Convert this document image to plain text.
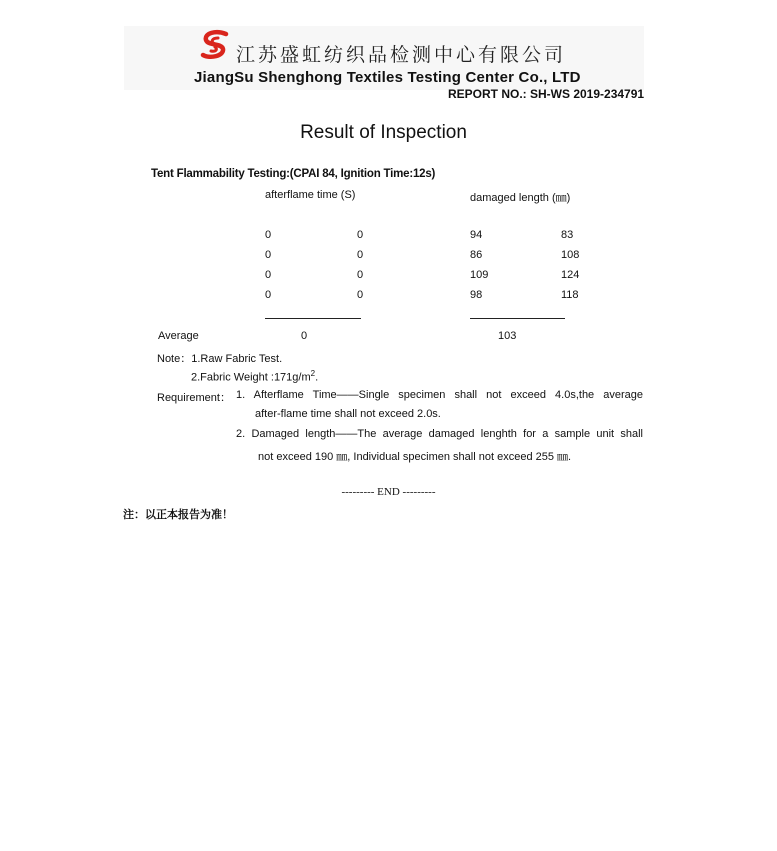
江苏盛虹纺织品检测中心有限公司
JiangSu Shenghong Textiles Testing Center Co., LTD
REPORT NO.: SH-WS 2019-234791
Result of Inspection
Tent Flammability Testing:(CPAI 84, Ignition Time:12s)
afterflame time (S)	damaged length (㎜)
0	0	94	83
0	0	86	108
0	0	109	124
0	0	98	118
Average	0	103
Note：1.Raw Fabric Test.
2.Fabric Weight $:171g/m^2$.
Requirement： 1. Afterflame Time——Single specimen shall not exceed 4.0s,the average
after-flame time shall not exceed 2.0s.
2. Damaged length——The average damaged lenghth for a sample unit shall
not exceed 190 ㎜, Individual specimen shall not exceed 255 ㎜.
--------- END ---------
注：以正本报告为准！
